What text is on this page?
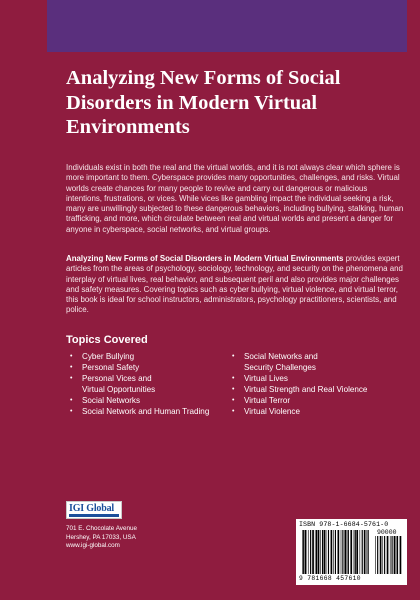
Analyzing New Forms of Social Disorders in Modern Virtual Environments

Individuals exist in both the real and the virtual worlds, and it is not always clear which sphere is more important to them. Cyberspace provides many opportunities, challenges, and risks. Virtual worlds create chances for many people to revive and carry out dangerous or malicious intentions, frustrations, or vices. While vices like gambling impact the individual seeking a risk, many are unwillingly subjected to these dangerous behaviors, including bullying, stalking, human trafficking, and more, which circulate between real and virtual worlds and present a danger for anyone in cyberspace, social networks, and virtual groups.

Analyzing New Forms of Social Disorders in Modern Virtual Environments provides expert articles from the areas of psychology, sociology, technology, and security on the phenomena and interplay of virtual lives, real behavior, and subsequent peril and also provides major challenges and safety measures. Covering topics such as cyber bullying, virtual violence, and virtual terror, this book is ideal for school instructors, administrators, psychology practitioners, scientists, and police.

Topics Covered
• Cyber Bullying
• Personal Safety
• Personal Vices and
Virtual Opportunities
• Social Networks
• Social Network and Human Trading
• Social Networks and
Security Challenges
• Virtual Lives
• Virtual Strength and Real Violence
• Virtual Terror
• Virtual Violence
IGI Global
701 E. Chocolate Avenue
Hershey, PA 17033, USA
www.igi-global.com
ISBN 978-1-6684-5761-0
90000
9 781668 457610
